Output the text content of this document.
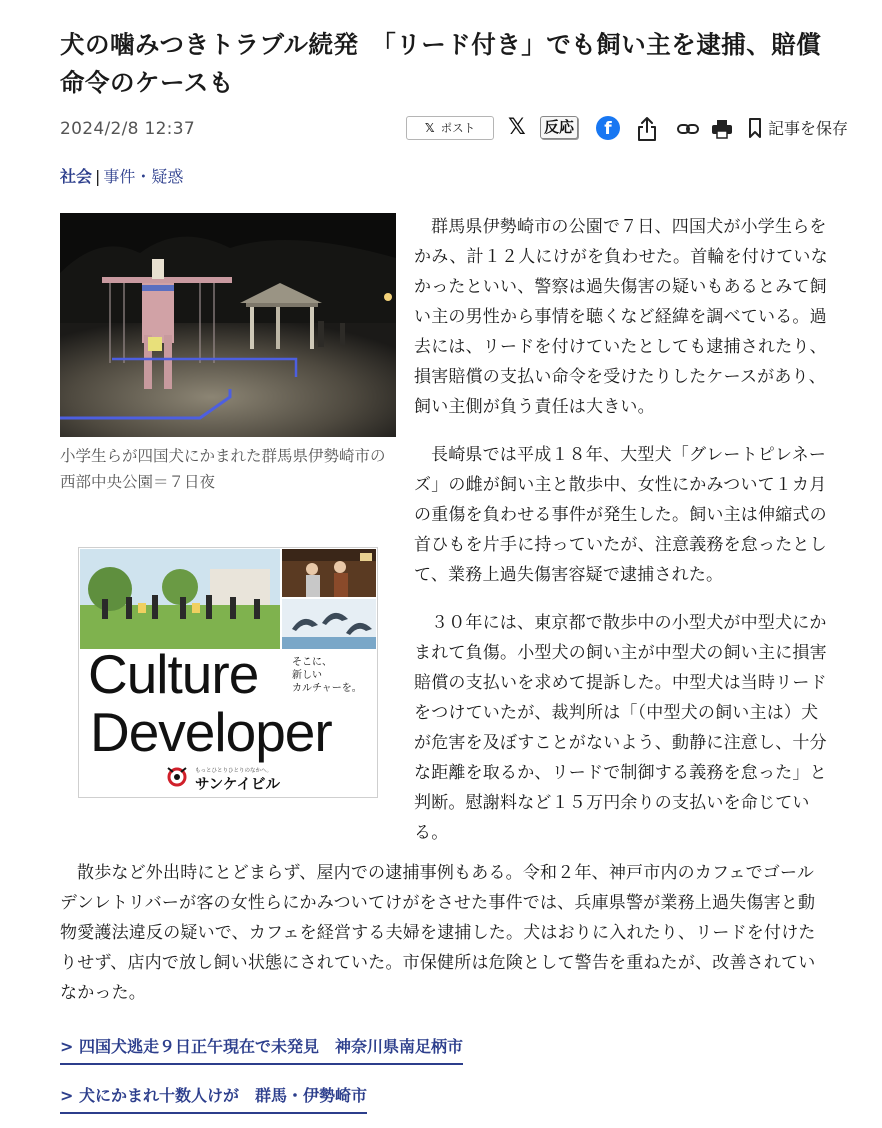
犬の噛みつきトラブル続発　「リード付き」でも飼い主を逮捕、賠償命令のケースも
2024/2/8 12:37	𝕏 ポスト	𝕏 反応	f	記事を保存
社会 | 事件・疑惑

小学生らが四国犬にかまれた群馬県伊勢崎市の西部中央公園＝７日夜

Culture
Developer
そこに、
新しい
カルチャーを。
もっとひとりひとりのなかへ。
サンケイビル

群馬県伊勢崎市の公園で７日、四国犬が小学生らをかみ、計１２人にけがを負わせた。首輪を付けていなかったといい、警察は過失傷害の疑いもあるとみて飼い主の男性から事情を聴くなど経緯を調べている。過去には、リードを付けていたとしても逮捕されたり、損害賠償の支払い命令を受けたりしたケースがあり、飼い主側が負う責任は大きい。

長崎県では平成１８年、大型犬「グレートピレネーズ」の雌が飼い主と散歩中、女性にかみついて１カ月の重傷を負わせる事件が発生した。飼い主は伸縮式の首ひもを片手に持っていたが、注意義務を怠ったとして、業務上過失傷害容疑で逮捕された。

３０年には、東京都で散歩中の小型犬が中型犬にかまれて負傷。小型犬の飼い主が中型犬の飼い主に損害賠償の支払いを求めて提訴した。中型犬は当時リードをつけていたが、裁判所は「（中型犬の飼い主は）犬が危害を及ぼすことがないよう、動静に注意し、十分な距離を取るか、リードで制御する義務を怠った」と判断。慰謝料など１５万円余りの支払いを命じている。

散歩など外出時にとどまらず、屋内での逮捕事例もある。令和２年、神戸市内のカフェでゴールデンレトリバーが客の女性らにかみついてけがをさせた事件では、兵庫県警が業務上過失傷害と動物愛護法違反の疑いで、カフェを経営する夫婦を逮捕した。犬はおりに入れたり、リードを付けたりせず、店内で放し飼い状態にされていた。市保健所は危険として警告を重ねたが、改善されていなかった。

> 四国犬逃走９日正午現在で未発見　神奈川県南足柄市
> 犬にかまれ十数人けが　群馬・伊勢崎市
